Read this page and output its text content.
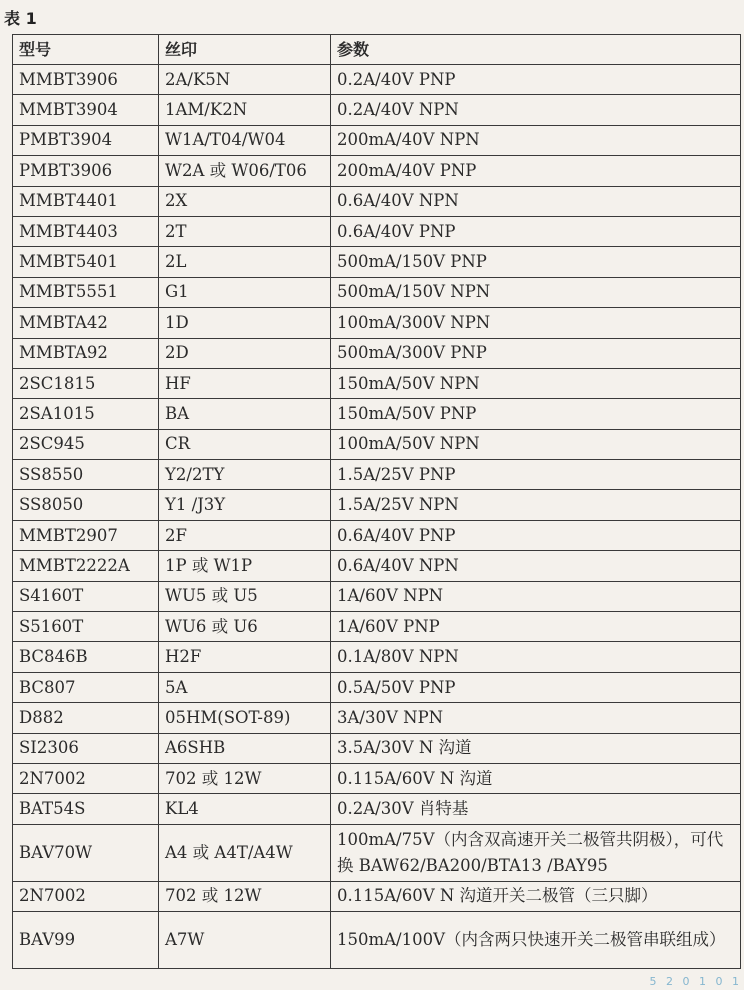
表 1
型号	丝印	参数
MMBT3906	2A/K5N	0.2A/40V PNP
MMBT3904	1AM/K2N	0.2A/40V NPN
PMBT3904	W1A/T04/W04	200mA/40V NPN
PMBT3906	W2A 或 W06/T06	200mA/40V PNP
MMBT4401	2X	0.6A/40V NPN
MMBT4403	2T	0.6A/40V PNP
MMBT5401	2L	500mA/150V PNP
MMBT5551	G1	500mA/150V NPN
MMBTA42	1D	100mA/300V NPN
MMBTA92	2D	500mA/300V PNP
2SC1815	HF	150mA/50V NPN
2SA1015	BA	150mA/50V PNP
2SC945	CR	100mA/50V NPN
SS8550	Y2/2TY	1.5A/25V PNP
SS8050	Y1 /J3Y	1.5A/25V NPN
MMBT2907	2F	0.6A/40V PNP
MMBT2222A	1P 或 W1P	0.6A/40V NPN
S4160T	WU5 或 U5	1A/60V NPN
S5160T	WU6 或 U6	1A/60V PNP
BC846B	H2F	0.1A/80V NPN
BC807	5A	0.5A/50V PNP
D882	05HM(SOT-89)	3A/30V NPN
SI2306	A6SHB	3.5A/30V N 沟道
2N7002	702 或 12W	0.115A/60V N 沟道
BAT54S	KL4	0.2A/30V 肖特基
BAV70W	A4 或 A4T/A4W	100mA/75V（内含双高速开关二极管共阴极），可代换 BAW62/BA200/BTA13 /BAY95
2N7002	702 或 12W	0.115A/60V N 沟道开关二极管（三只脚）
BAV99	A7W	150mA/100V（内含两只快速开关二极管串联组成）
5 2 0 1 0 1
